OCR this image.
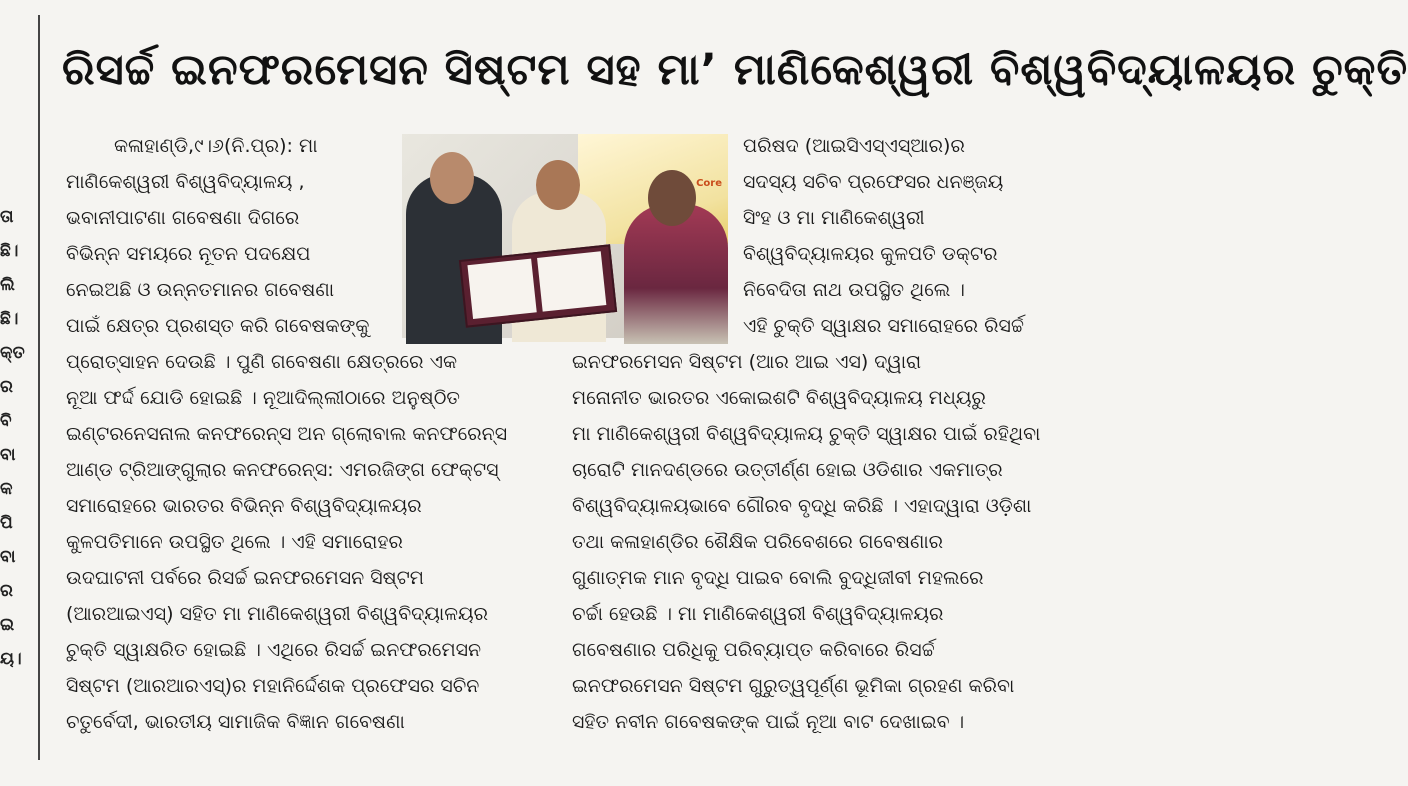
ତା
ଛି।
ଲି
ଛି।
କ୍ତ
ର
ବି
ବା
କ
ପି
ବା
ର
ଇ
ୟ।
ରିସର୍ଚ୍ଚ ଇନଫରମେସନ ସିଷ୍ଟମ ସହ ମା’ ମାଣିକେଶ୍ୱରୀ ବିଶ୍ୱବିଦ୍ୟାଳୟର ଚୁକ୍ତି
କଳାହାଣ୍ଡି,୯।୬(ନି.ପ୍ର): ମା
ମାଣିକେଶ୍ୱରୀ ବିଶ୍ୱବିଦ୍ୟାଳୟ ,
ଭବାନୀପାଟଣା ଗବେଷଣା ଦିଗରେ
ବିଭିନ୍ନ ସମୟରେ ନୂତନ ପଦକ୍ଷେପ
ନେଇଅଛି ଓ ଉନ୍ନତମାନର ଗବେଷଣା
ପାଇଁ କ୍ଷେତ୍ର ପ୍ରଶସ୍ତ କରି ଗବେଷକଙ୍କୁ
ପ୍ରୋତ୍ସାହନ ଦେଉଛି । ପୁଣି ଗବେଷଣା କ୍ଷେତ୍ରରେ ଏକ
ନୂଆ ଫର୍ଦ୍ଦ ଯୋଡି ହୋଇଛି । ନୂଆଦିଲ୍ଲୀଠାରେ ଅନୁଷ୍ଠିତ
ଇଣ୍ଟରନେସନାଲ କନଫରେନ୍ସ ଅନ ଗ୍ଲୋବାଲ କନଫରେନ୍ସ
ଆଣ୍ଡ ଟ୍ରିଆଙ୍ଗୁଲାର କନଫରେନ୍ସ: ଏମରଜିଙ୍ଗ ଫେକ୍ଟସ୍
ସମାରୋହରେ ଭାରତର ବିଭିନ୍ନ ବିଶ୍ୱବିଦ୍ୟାଳୟର
କୁଳପତିମାନେ ଉପସ୍ଥିତ ଥିଲେ । ଏହି ସମାରୋହର
ଉଦଘାଟନୀ ପର୍ବରେ ରିସର୍ଚ୍ଚ ଇନଫରମେସନ ସିଷ୍ଟମ
(ଆରଆଇଏସ୍) ସହିତ ମା ମାଣିକେଶ୍ୱରୀ ବିଶ୍ୱବିଦ୍ୟାଳୟର
ଚୁକ୍ତି ସ୍ୱାକ୍ଷରିତ ହୋଇଛି । ଏଥିରେ ରିସର୍ଚ୍ଚ ଇନଫରମେସନ
ସିଷ୍ଟମ (ଆରଆରଏସ୍)ର ମହାନିର୍ଦ୍ଦେଶକ ପ୍ରଫେସର ସଚିନ
ଚତୁର୍ବେଦୀ, ଭାରତୀୟ ସାମାଜିକ ବିଜ୍ଞାନ ଗବେଷଣା
Core
ପରିଷଦ (ଆଇସିଏସ୍‌ଏସ୍‌ଆର)ର
ସଦସ୍ୟ ସଚିବ ପ୍ରଫେସର ଧନଞ୍ଜୟ
ସିଂହ ଓ ମା ମାଣିକେଶ୍ୱରୀ
ବିଶ୍ୱବିଦ୍ୟାଳୟର କୁଳପତି ଡକ୍ଟର
ନିବେଦିତା ନାଥ ଉପସ୍ଥିତ ଥିଲେ ।
ଏହି ଚୁକ୍ତି ସ୍ୱାକ୍ଷର ସମାରୋହରେ ରିସର୍ଚ୍ଚ
ଇନଫରମେସନ ସିଷ୍ଟମ (ଆର ଆଇ ଏସ) ଦ୍ୱାରା
ମନୋନୀତ ଭାରତର ଏକୋଇଶଟି ବିଶ୍ୱବିଦ୍ୟାଳୟ ମଧ୍ୟରୁ
ମା ମାଣିକେଶ୍ୱରୀ ବିଶ୍ୱବିଦ୍ୟାଳୟ ଚୁକ୍ତି ସ୍ୱାକ୍ଷର ପାଇଁ ରହିଥିବା
ଚାରୋଟି ମାନଦଣ୍ଡରେ ଉତ୍ତୀର୍ଣ୍ଣ ହୋଇ ଓଡିଶାର ଏକମାତ୍ର
ବିଶ୍ୱବିଦ୍ୟାଳୟଭାବେ ଗୌରବ ବୃଦ୍ଧି କରିଛି । ଏହାଦ୍ୱାରା ଓଡ଼ିଶା
ତଥା କଳାହାଣ୍ଡିର ଶୈକ୍ଷିକ ପରିବେଶରେ ଗବେଷଣାର
ଗୁଣାତ୍ମକ ମାନ ବୃଦ୍ଧି ପାଇବ ବୋଲି ବୁଦ୍ଧିଜୀବୀ ମହଲରେ
ଚର୍ଚ୍ଚା ହେଉଛି । ମା ମାଣିକେଶ୍ୱରୀ ବିଶ୍ୱବିଦ୍ୟାଳୟର
ଗବେଷଣାର ପରିଧିକୁ ପରିବ୍ୟାପ୍ତ କରିବାରେ ରିସର୍ଚ୍ଚ
ଇନଫରମେସନ ସିଷ୍ଟମ ଗୁରୁତ୍ୱପୂର୍ଣ୍ଣ ଭୂମିକା ଗ୍ରହଣ କରିବା
ସହିତ ନବୀନ ଗବେଷକଙ୍କ ପାଇଁ ନୂଆ ବାଟ ଦେଖାଇବ ।
